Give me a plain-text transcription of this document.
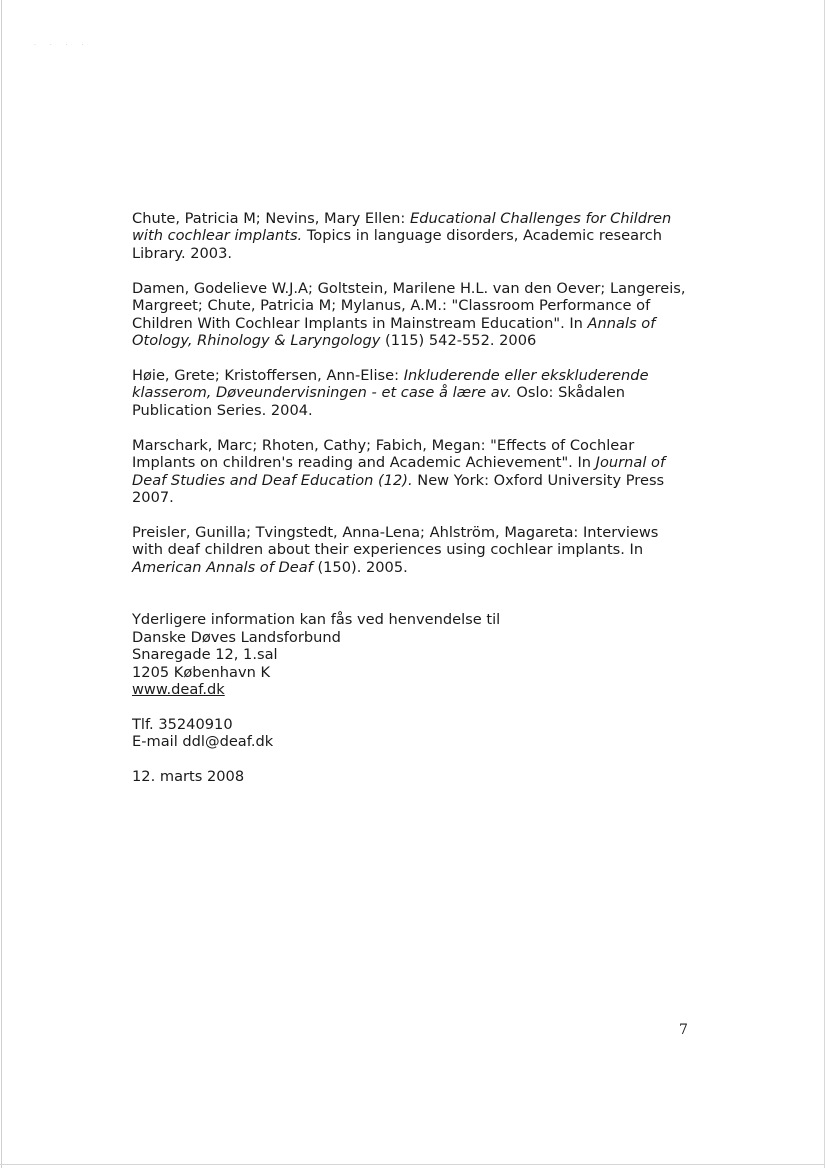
· · · ·

Chute, Patricia M; Nevins, Mary Ellen: Educational Challenges for Children with cochlear implants. Topics in language disorders, Academic research Library. 2003.

Damen, Godelieve W.J.A; Goltstein, Marilene H.L. van den Oever; Langereis, Margreet; Chute, Patricia M; Mylanus, A.M.: "Classroom Performance of Children With Cochlear Implants in Mainstream Education". In Annals of Otology, Rhinology & Laryngology (115) 542-552. 2006

Høie, Grete; Kristoffersen, Ann-Elise: Inkluderende eller ekskluderende klasserom, Døveundervisningen - et case å lære av. Oslo: Skådalen Publication Series. 2004.

Marschark, Marc; Rhoten, Cathy; Fabich, Megan: "Effects of Cochlear Implants on children's reading and Academic Achievement". In Journal of Deaf Studies and Deaf Education (12). New York: Oxford University Press 2007.

Preisler, Gunilla; Tvingstedt, Anna-Lena; Ahlström, Magareta: Interviews with deaf children about their experiences using cochlear implants. In American Annals of Deaf (150). 2005.

Yderligere information kan fås ved henvendelse til
Danske Døves Landsforbund
Snaregade 12, 1.sal
1205 København K
www.deaf.dk
Tlf. 35240910
E-mail ddl@deaf.dk
12. marts 2008
7
